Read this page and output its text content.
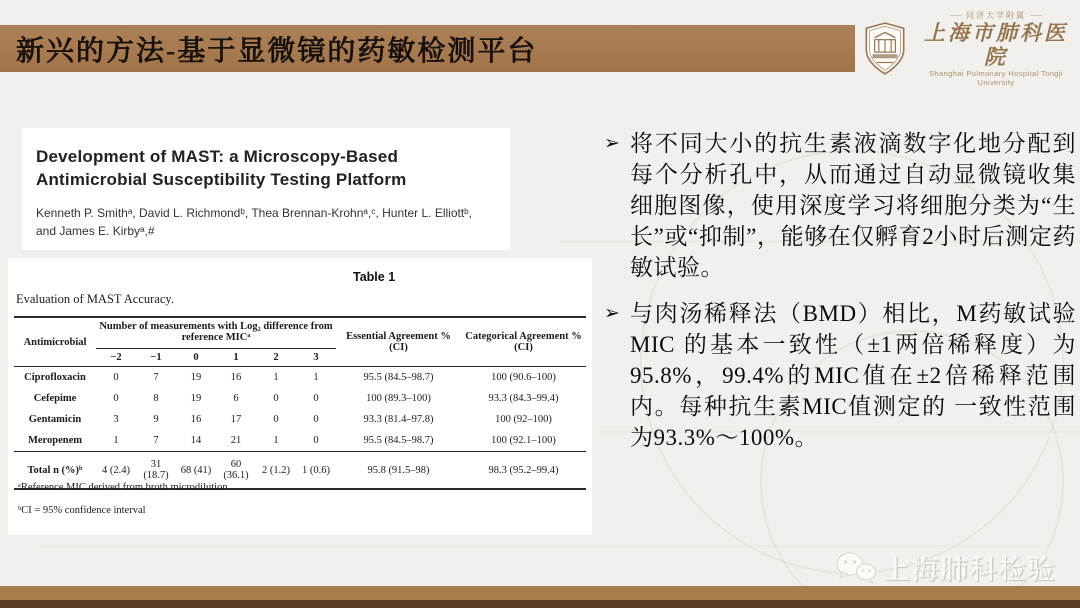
新兴的方法-基于显微镜的药敏检测平台
── 同济大学附属 ──
上海市肺科医院
Shanghai Pulmonary Hospital Tongji University
Development of MAST: a Microscopy-Based Antimicrobial Susceptibility Testing Platform
Kenneth P. Smithᵃ, David L. Richmondᵇ, Thea Brennan-Krohnᵃ,ᶜ, Hunter L. Elliottᵇ, and James E. Kirbyᵃ,#
Table 1
Evaluation of MAST Accuracy.
Antimicrobial	Number of measurements with Log₂ difference from reference MICᵃ						Essential Agreement % (CI)	Categorical Agreement % (CI)
	−2	−1	0	1	2	3		
Ciprofloxacin	0	7	19	16	1	1	95.5 (84.5–98.7)	100 (90.6–100)
Cefepime	0	8	19	6	0	0	100 (89.3–100)	93.3 (84.3–99.4)
Gentamicin	3	9	16	17	0	0	93.3 (81.4–97.8)	100 (92–100)
Meropenem	1	7	14	21	1	0	95.5 (84.5–98.7)	100 (92.1–100)
Total n (%)ᵇ	4 (2.4)	31 (18.7)	68 (41)	60 (36.1)	2 (1.2)	1 (0.6)	95.8 (91.5–98)	98.3 (95.2–99.4)
ᵃReference MIC derived from broth microdilution
ᵇCI = 95% confidence interval
➢ 将不同大小的抗生素液滴数字化地分配到每个分析孔中，从而通过自动显微镜收集细胞图像，使用深度学习将细胞分类为“生长”或“抑制”，能够在仅孵育2小时后测定药敏试验。
➢ 与肉汤稀释法（BMD）相比，M药敏试验 MIC 的基本一致性（±1两倍稀释度）为95.8%，99.4%的MIC值在±2倍稀释范围内。每种抗生素MIC值测定的 一致性范围为93.3%～100%。
上海肺科检验
